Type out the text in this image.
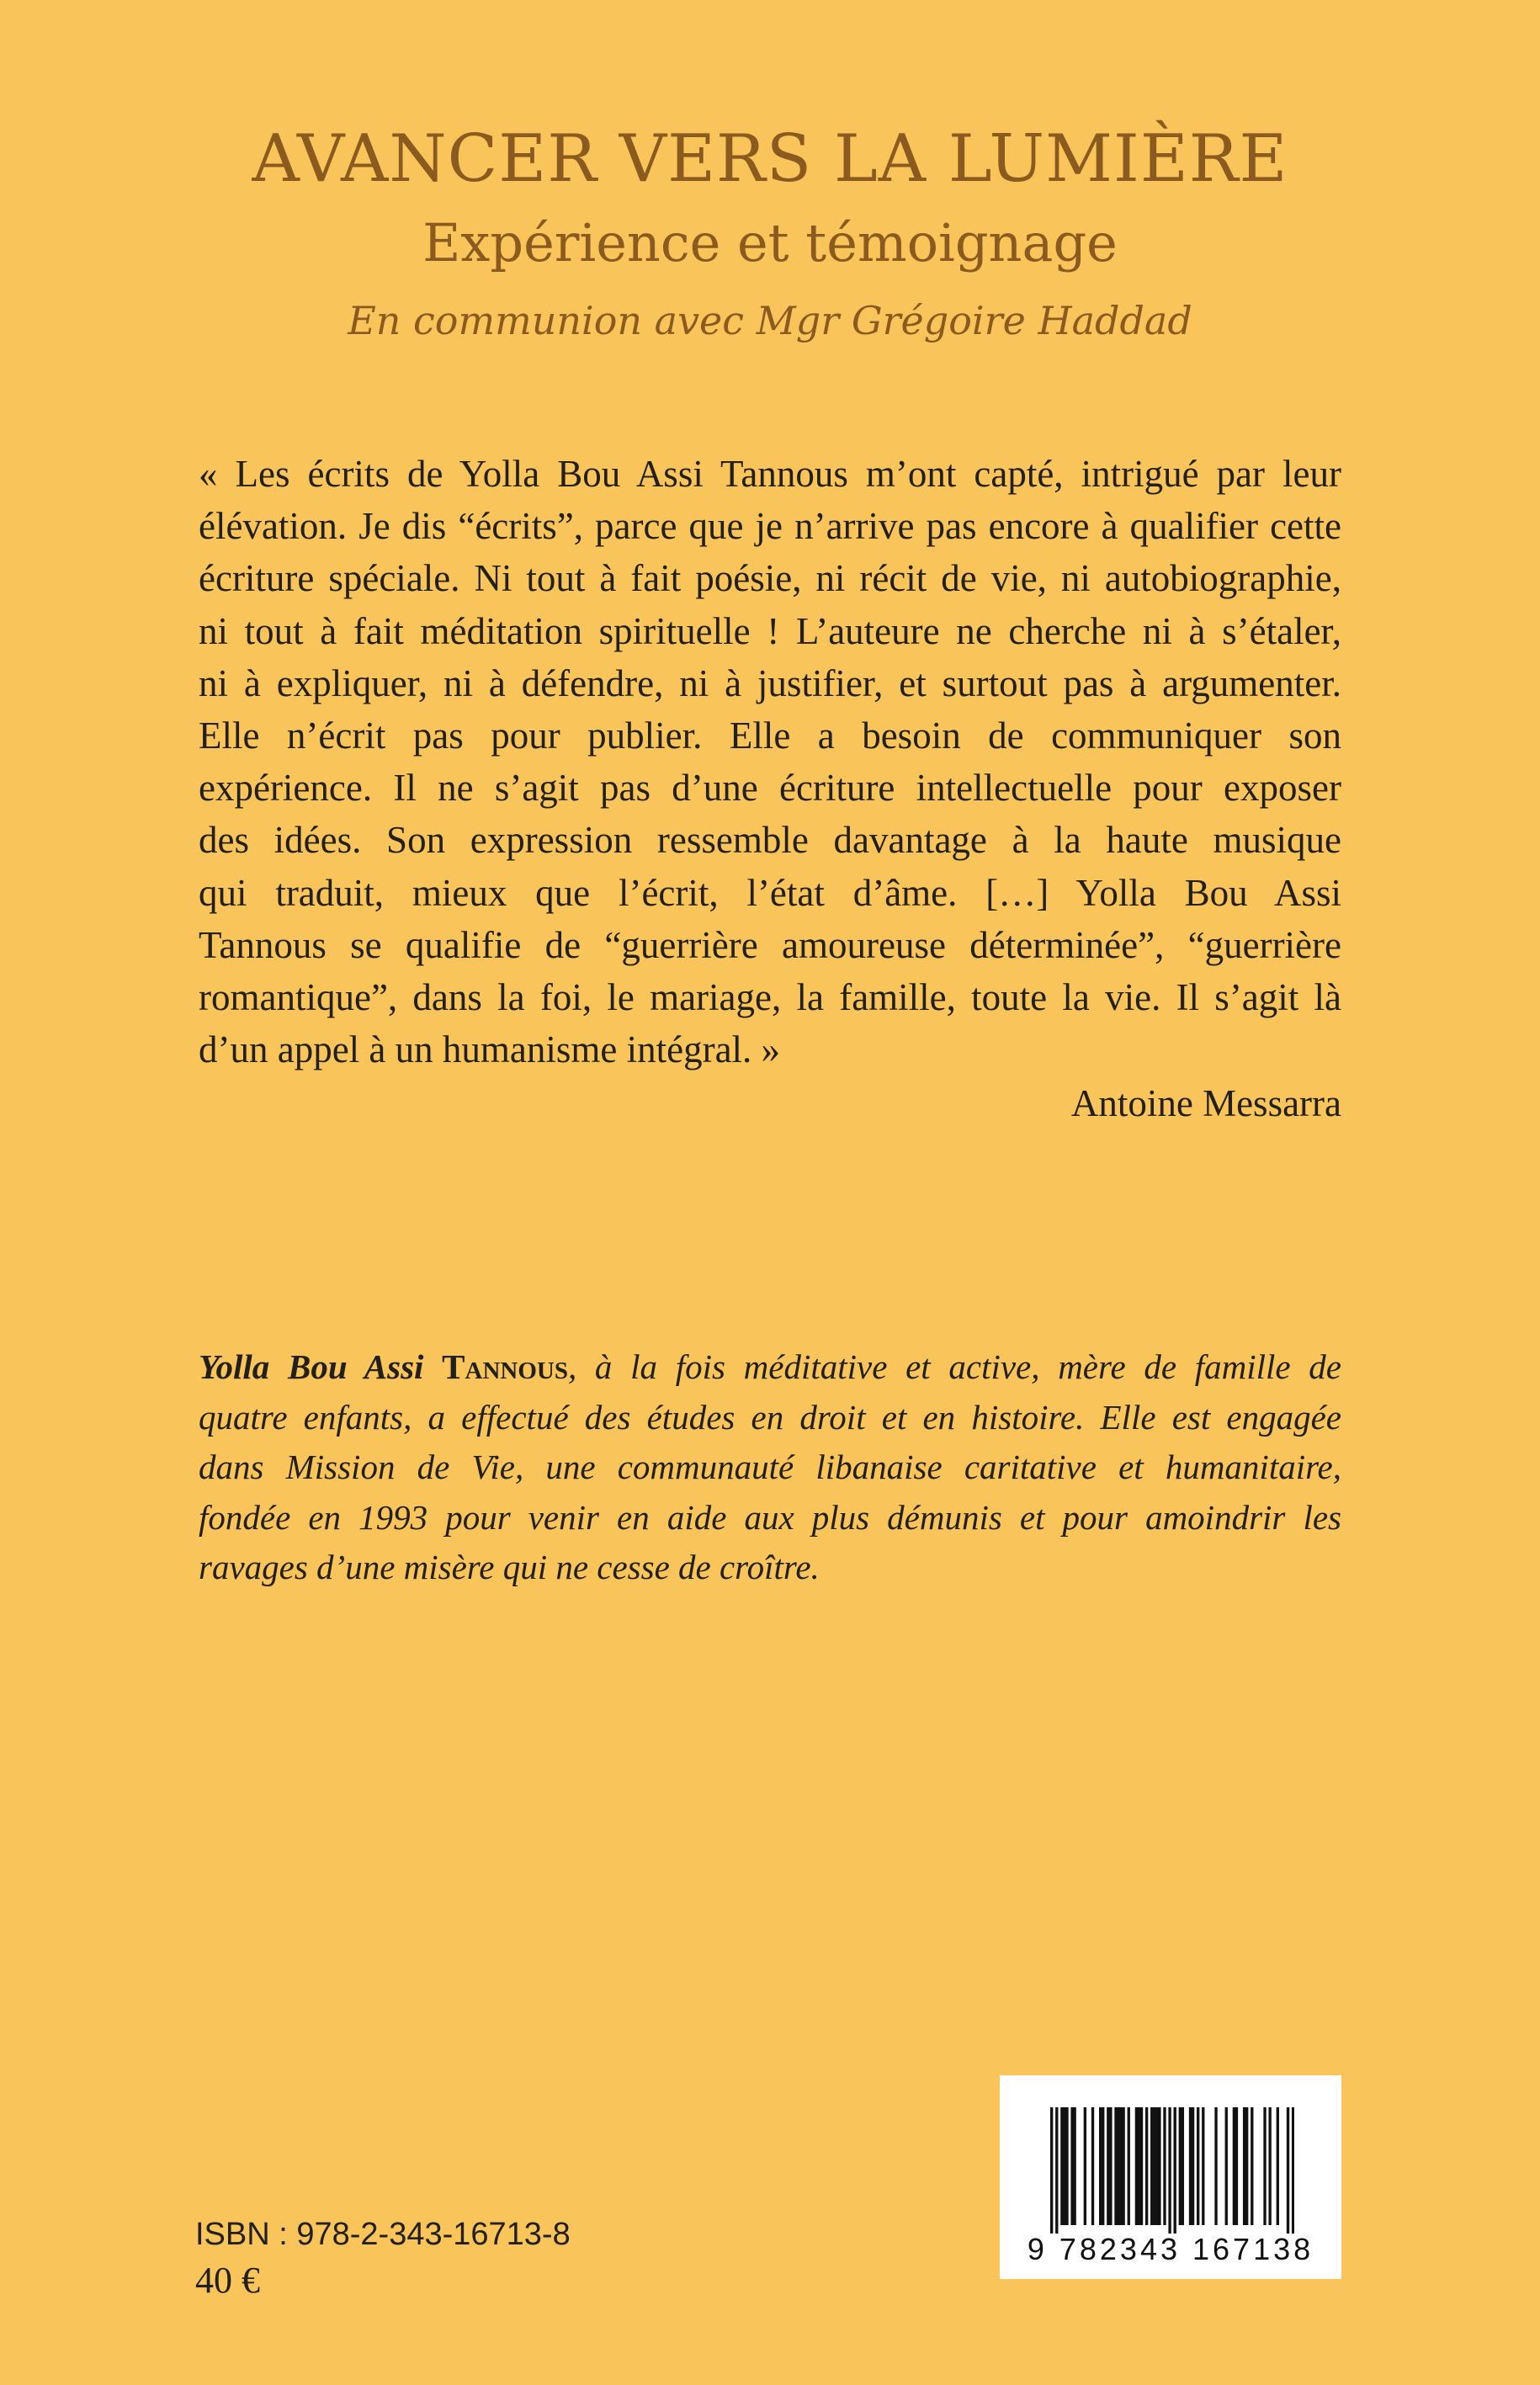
AVANCER VERS LA LUMIÈRE
Expérience et témoignage
En communion avec Mgr Grégoire Haddad
« Les écrits de Yolla Bou Assi Tannous m’ont capté, intrigué par leur
élévation. Je dis “écrits”, parce que je n’arrive pas encore à qualifier cette
écriture spéciale. Ni tout à fait poésie, ni récit de vie, ni autobiographie,
ni tout à fait méditation spirituelle ! L’auteure ne cherche ni à s’étaler,
ni à expliquer, ni à défendre, ni à justifier, et surtout pas à argumenter.
Elle n’écrit pas pour publier. Elle a besoin de communiquer son
expérience. Il ne s’agit pas d’une écriture intellectuelle pour exposer
des idées. Son expression ressemble davantage à la haute musique
qui traduit, mieux que l’écrit, l’état d’âme. […] Yolla Bou Assi
Tannous se qualifie de “guerrière amoureuse déterminée”, “guerrière
romantique”, dans la foi, le mariage, la famille, toute la vie. Il s’agit là
d’un appel à un humanisme intégral. »
Antoine Messarra
Yolla Bou Assi Tannous, à la fois méditative et active, mère de famille de
quatre enfants, a effectué des études en droit et en histoire. Elle est engagée
dans Mission de Vie, une communauté libanaise caritative et humanitaire,
fondée en 1993 pour venir en aide aux plus démunis et pour amoindrir les
ravages d’une misère qui ne cesse de croître.
9 782343 167138
ISBN : 978-2-343-16713-8
40 €
